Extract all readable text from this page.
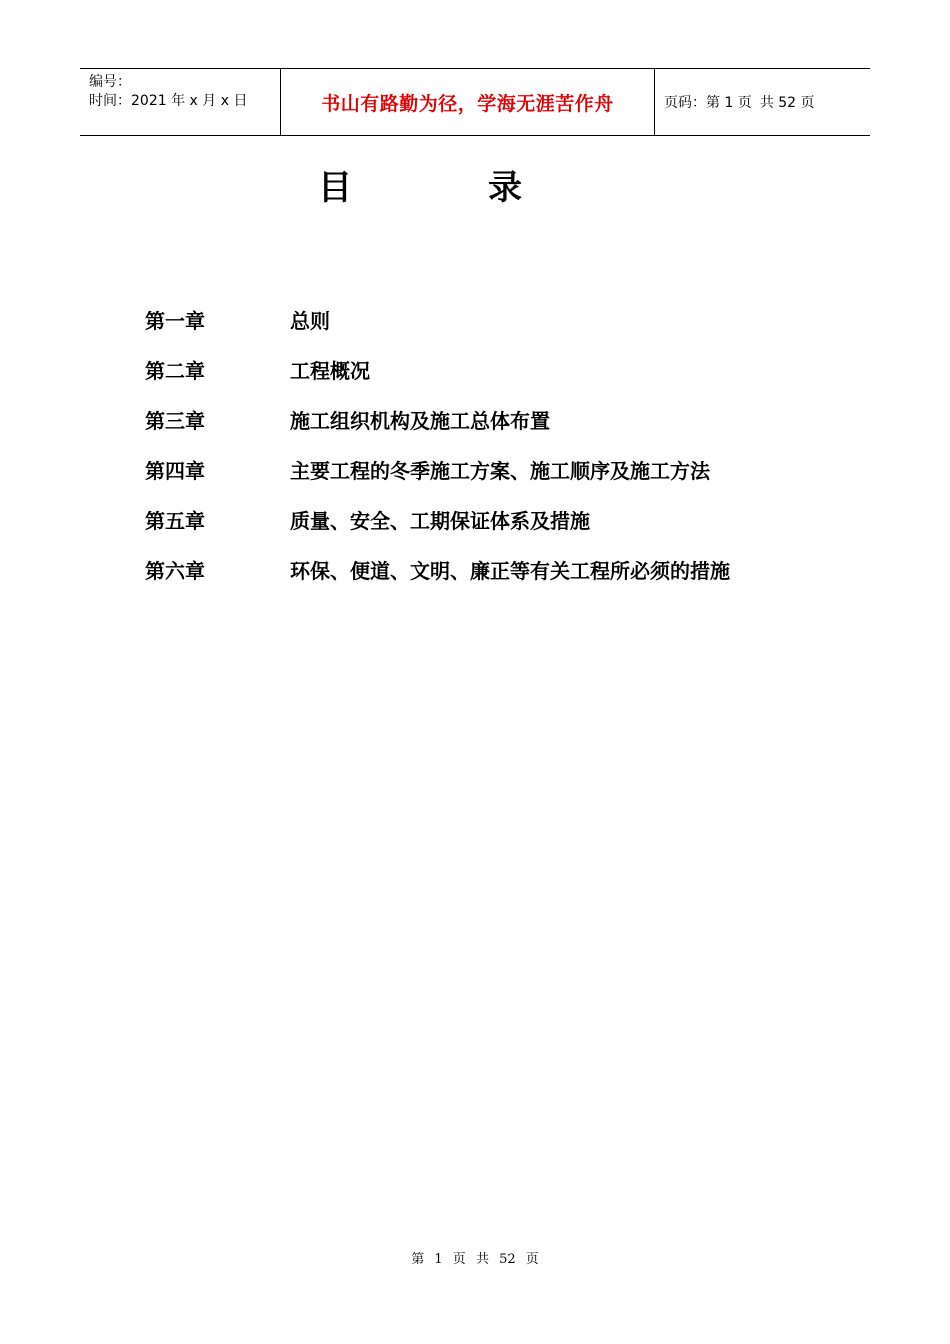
编号：
时间：2021 年 x 月 x 日	书山有路勤为径，学海无涯苦作舟	页码：第 1 页 共 52 页
目	录
第一章	总则
第二章	工程概况
第三章	施工组织机构及施工总体布置
第四章	主要工程的冬季施工方案、施工顺序及施工方法
第五章	质量、安全、工期保证体系及措施
第六章	环保、便道、文明、廉正等有关工程所必须的措施
第 1 页 共 52 页
